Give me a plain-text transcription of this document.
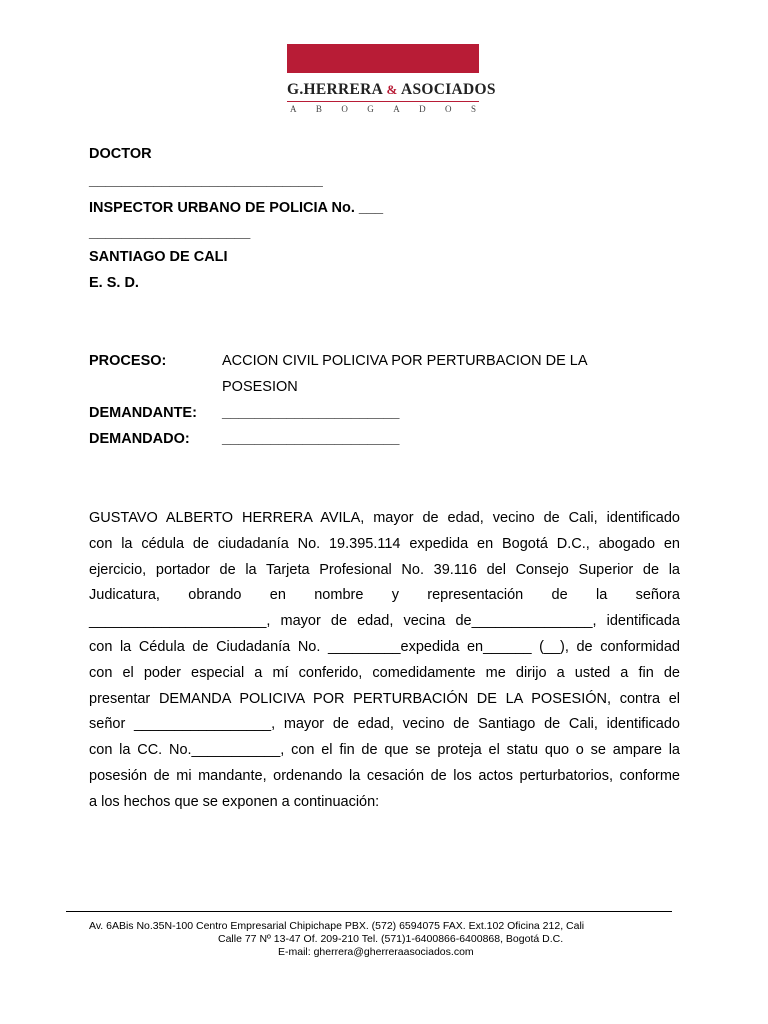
G.HERRERA & ASOCIADOS
A B O G A D O S
DOCTOR
_____________________________
INSPECTOR URBANO DE POLICIA No. ___
____________________
SANTIAGO DE CALI
E. S. D.
PROCESO:	ACCION CIVIL POLICIVA POR PERTURBACION DE LA
POSESION
DEMANDANTE: ______________________
DEMANDADO: ______________________
GUSTAVO ALBERTO HERRERA AVILA, mayor de edad, vecino de Cali, identificado
con la cédula de ciudadanía No. 19.395.114 expedida en Bogotá D.C., abogado en
ejercicio, portador de la Tarjeta Profesional No. 39.116 del Consejo Superior de la
Judicatura, obrando en nombre y representación de la señora
______________________, mayor de edad, vecina de_______________, identificada
con la Cédula de Ciudadanía No. _________expedida en______ (__), de conformidad
con el poder especial a mí conferido, comedidamente me dirijo a usted a fin de
presentar DEMANDA POLICIVA POR PERTURBACIÓN DE LA POSESIÓN, contra el
señor _________________, mayor de edad, vecino de Santiago de Cali, identificado
con la CC. No.___________, con el fin de que se proteja el statu quo o se ampare la
posesión de mi mandante, ordenando la cesación de los actos perturbatorios, conforme
a los hechos que se exponen a continuación:
Av. 6ABis No.35N-100 Centro Empresarial Chipichape PBX. (572) 6594075 FAX. Ext.102 Oficina 212, Cali
Calle 77 Nº 13-47 Of. 209-210 Tel. (571)1-6400866-6400868, Bogotá D.C.
E-mail: gherrera@gherreraasociados.com
